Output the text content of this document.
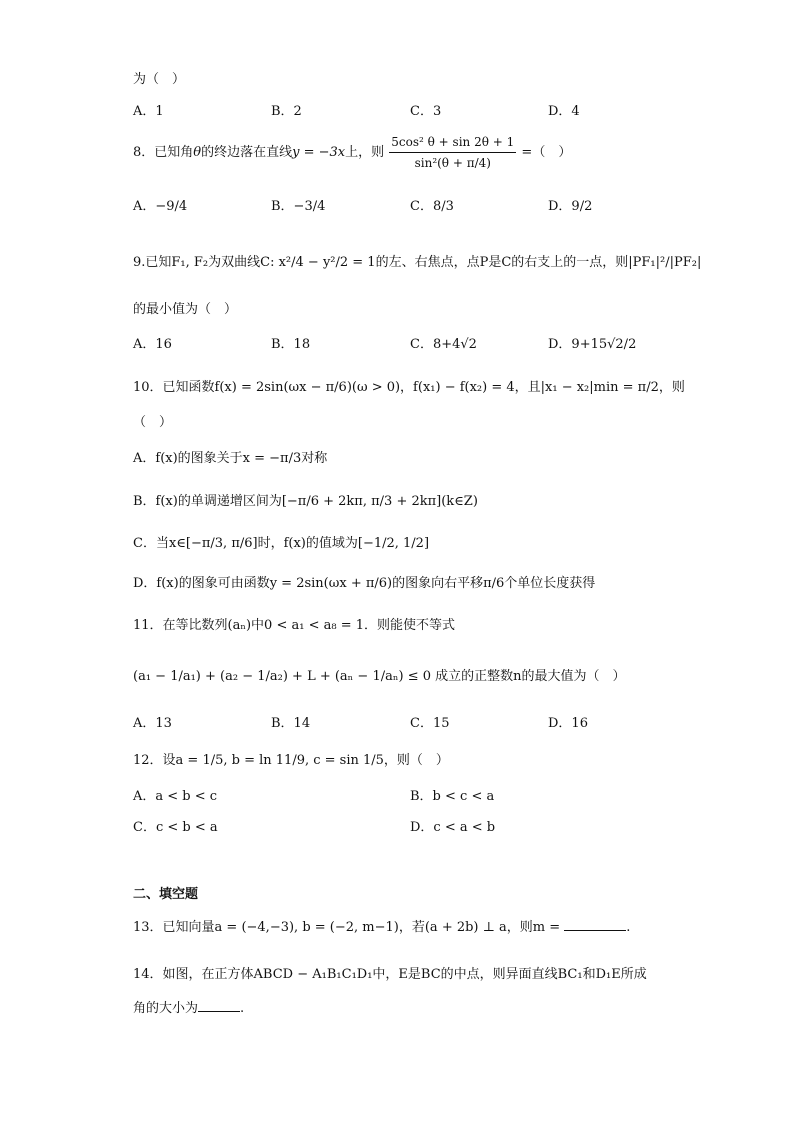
为（　）
A．1	B．2	C．3	D．4
8．已知角θ的终边落在直线y = −3x上，则 $\frac{\text{5cos² θ + sin 2θ + 1}}{\text{sin²(θ + π/4)}}$ =（　）
A．−9/4	B．−3/4	C．8/3	D．9/2
9.已知F₁, F₂为双曲线C: x²/4 − y²/2 = 1的左、右焦点，点P是C的右支上的一点，则|PF₁|²/|PF₂|
的最小值为（　）
A．16	B．18	C．8+4√2	D．9+15√2/2
10．已知函数f(x) = 2sin(ωx − π/6)(ω > 0)，f(x₁) − f(x₂) = 4，且|x₁ − x₂|min = π/2，则
（　）
A．f(x)的图象关于x = −π/3对称
B．f(x)的单调递增区间为[−π/6 + 2kπ, π/3 + 2kπ](k∈Z)
C．当x∈[−π/3, π/6]时，f(x)的值域为[−1/2, 1/2]
D．f(x)的图象可由函数y = 2sin(ωx + π/6)的图象向右平移π/6个单位长度获得
11．在等比数列(aₙ)中0 < a₁ < a₈ = 1．则能使不等式
(a₁ − 1/a₁) + (a₂ − 1/a₂) + L + (aₙ − 1/aₙ) ≤ 0 成立的正整数n的最大值为（　）
A．13	B．14	C．15	D．16
12．设a = 1/5, b = ln 11/9, c = sin 1/5，则（　）
A．a < b < c	B．b < c < a
C．c < b < a	D．c < a < b
二、填空题
13．已知向量a = (−4,−3), b = (−2, m−1)，若(a + 2b) ⊥ a，则m =	.
14．如图，在正方体ABCD − A₁B₁C₁D₁中，E是BC的中点，则异面直线BC₁和D₁E所成
角的大小为	.
